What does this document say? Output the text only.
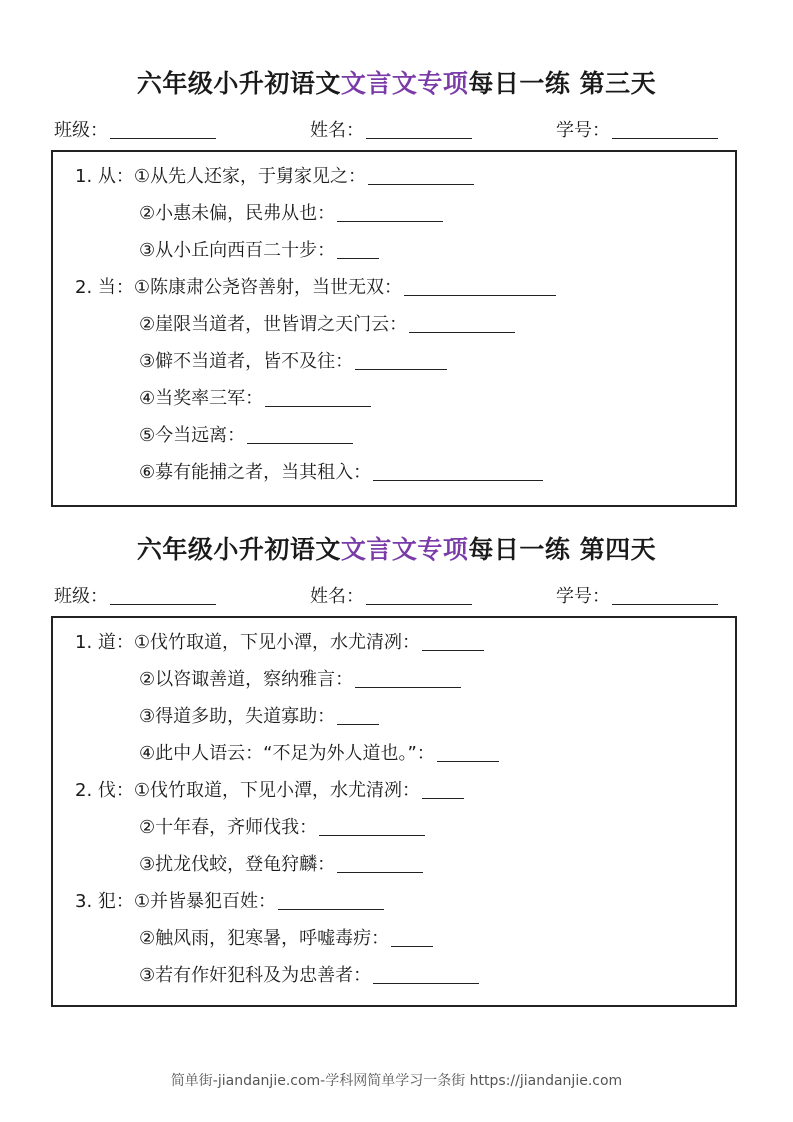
六年级小升初语文文言文专项每日一练 第三天
班级：	姓名：	学号：
1. 从：①从先人还家，于舅家见之：
②小惠未偏，民弗从也：
③从小丘向西百二十步：
2. 当：①陈康肃公尧咨善射，当世无双：
②崖限当道者，世皆谓之天门云：
③僻不当道者，皆不及往：
④当奖率三军：
⑤今当远离：
⑥募有能捕之者，当其租入：
六年级小升初语文文言文专项每日一练 第四天
班级：	姓名：	学号：
1. 道：①伐竹取道，下见小潭，水尤清冽：
②以咨诹善道，察纳雅言：
③得道多助，失道寡助：
④此中人语云：“不足为外人道也。”：
2. 伐：①伐竹取道，下见小潭，水尤清冽：
②十年春，齐师伐我：
③扰龙伐蛟，登龟狩麟：
3. 犯：①并皆暴犯百姓：
②触风雨，犯寒暑，呼嘘毒疠：
③若有作奸犯科及为忠善者：
简单街-jiandanjie.com-学科网简单学习一条街 https://jiandanjie.com
